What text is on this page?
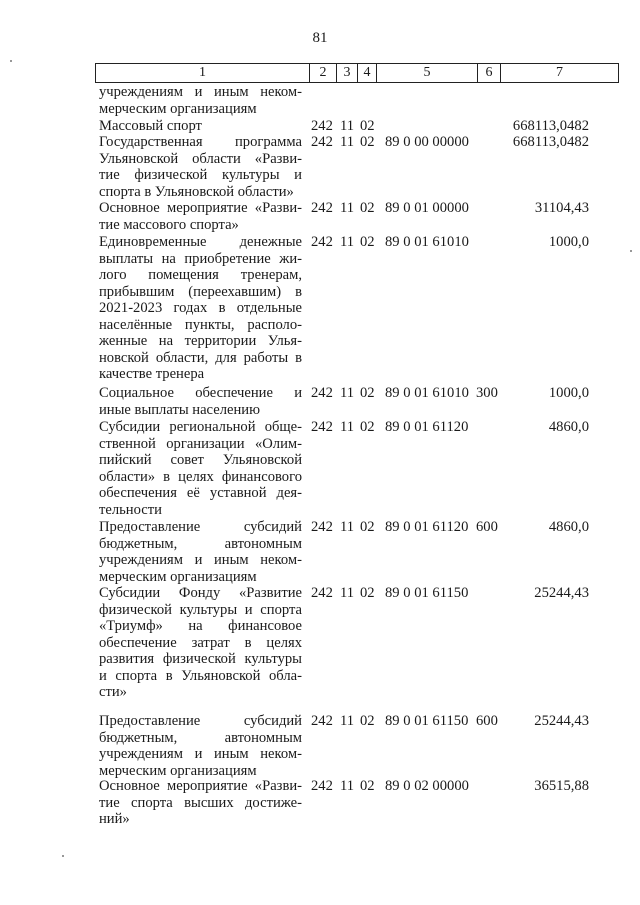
81
1	2	3 4	5	6	7
учреждениям и иным неком-
мерческим организациям
Массовый спорт	242 11 02	668113,0482
Государственная программа
Ульяновской области «Разви-
тие физической культуры и
спорта в Ульяновской области»
242 11 02 89 0 00 00000	668113,0482
Основное мероприятие «Разви-
тие массового спорта»
242 11 02 89 0 01 00000	31104,43
Единовременные денежные
выплаты на приобретение жи-
лого помещения тренерам,
прибывшим (переехавшим) в
2021-2023 годах в отдельные
населённые пункты, располо-
женные на территории Улья-
новской области, для работы в
качестве тренера
242 11 02 89 0 01 61010	1000,0
Социальное обеспечение и
иные выплаты населению
242 11 02 89 0 01 61010 300	1000,0
Субсидии региональной обще-
ственной организации «Олим-
пийский совет Ульяновской
области» в целях финансового
обеспечения её уставной дея-
тельности
242 11 02 89 0 01 61120	4860,0
Предоставление субсидий
бюджетным, автономным
учреждениям и иным неком-
мерческим организациям
242 11 02 89 0 01 61120 600	4860,0
Субсидии Фонду «Развитие
физической культуры и спорта
«Триумф» на финансовое
обеспечение затрат в целях
развития физической культуры
и спорта в Ульяновской обла-
сти»
242 11 02 89 0 01 61150	25244,43
Предоставление субсидий
бюджетным, автономным
учреждениям и иным неком-
мерческим организациям
242 11 02 89 0 01 61150 600 25244,43
Основное мероприятие «Разви-
тие спорта высших достиже-
ний»
242 11 02 89 0 02 00000	36515,88
